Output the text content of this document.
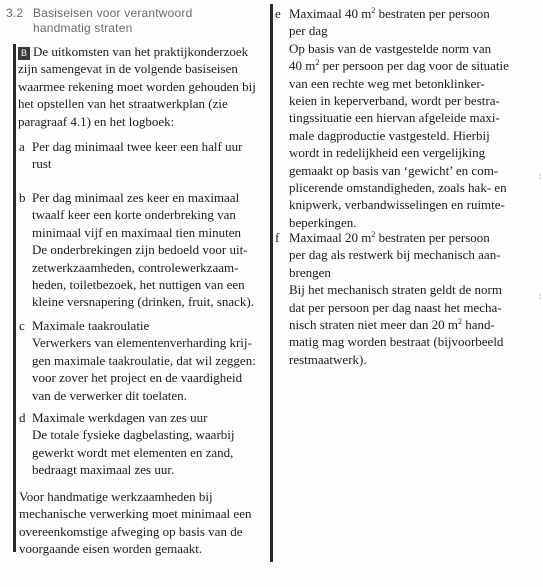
3.2 Basiseisen voor verantwoord
handmatig straten

B De uitkomsten van het praktijkonderzoek zijn samengevat in de volgende basiseisen waarmee rekening moet worden gehouden bij het opstellen van het straatwerkplan (zie paragraaf 4.1) en het logboek:

a Per dag minimaal twee keer een half uur
rust
b Per dag minimaal zes keer en maximaal
twaalf keer een korte onderbreking van
minimaal vijf en maximaal tien minuten
De onderbrekingen zijn bedoeld voor uit-
zetwerkzaamheden, controlewerkzaam-
heden, toiletbezoek, het nuttigen van een
kleine versnapering (drinken, fruit, snack).
c Maximale taakroulatie
Verwerkers van elementenverharding krij-
gen maximale taakroulatie, dat wil zeggen:
voor zover het project en de vaardigheid
van de verwerker dit toelaten.
d Maximale werkdagen van zes uur
De totale fysieke dagbelasting, waarbij
gewerkt wordt met elementen en zand,
bedraagt maximaal zes uur.
Voor handmatige werkzaamheden bij
mechanische verwerking moet minimaal een
overeenkomstige afweging op basis van de
voorgaande eisen worden gemaakt.
e Maximaal 40 $m^2$ bestraten per persoon
per dag
Op basis van de vastgestelde norm van
40 $m^2$ per persoon per dag voor de situatie
van een rechte weg met betonklinker-
keien in keperverband, wordt per bestra-
tingssituatie een hiervan afgeleide maxi-
male dagproductie vastgesteld. Hierbij
wordt in redelijkheid een vergelijking
gemaakt op basis van ‘gewicht’ en com-
plicerende omstandigheden, zoals hak- en
knipwerk, verbandwisselingen en ruimte-
beperkingen.
f Maximaal 20 $m^2$ bestraten per persoon
per dag als restwerk bij mechanisch aan-
brengen
Bij het mechanisch straten geldt de norm
dat per persoon per dag naast het mecha-
nisch straten niet meer dan 20 $m^2$ hand-
matig mag worden bestraat (bijvoorbeeld
restmaatwerk).
:

:
